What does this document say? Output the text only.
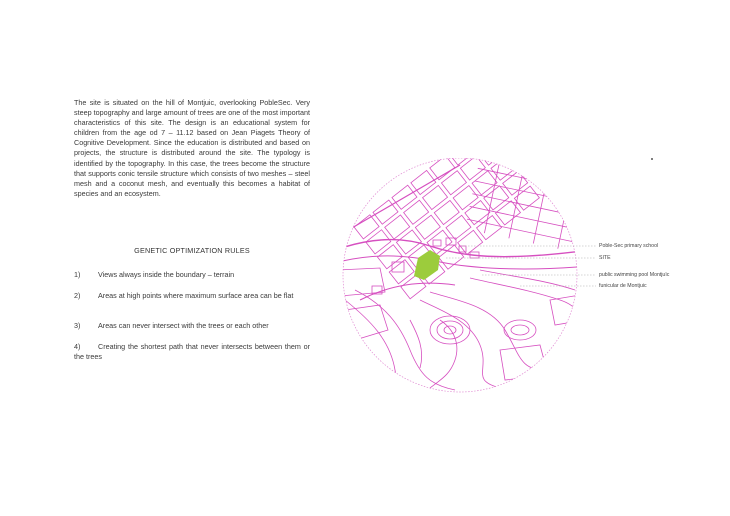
The site is situated on the hill of Montjuic, overlooking PobleSec. Very steep topography and large amount of trees are one of the most important characteristics of this site. The design is an educational system for children from the age od 7 – 11.12 based on Jean Piagets Theory of Cognitive Development. Since the education is distributed and based on projects, the structure is distributed around the site. The typology is identified by the topography. In this case, the trees become the structure that supports conic tensile structure which consists of two meshes – steel mesh and a coconut mesh, and eventually this becomes a habitat of species and an ecosystem.

GENETIC OPTIMIZATION RULES

1)	Views always inside the boundary – terrain
2)	Areas at high points where maximum surface area can be flat
3)	Areas can never intersect with the trees or each other
4)	Creating the shortest path that never intersects between them or the trees
Poble-Sec primary school
SITE
public swimming pool Montjuïc
funicular de Montjuic
